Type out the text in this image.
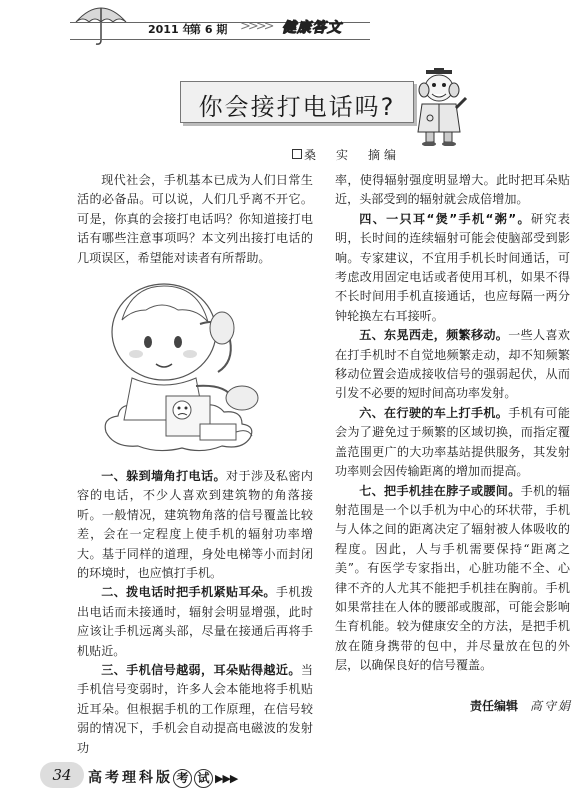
2011 年
第 6 期 >>>> 健康答文
你会接打电话吗?
桑　实　摘编

现代社会，手机基本已成为人们日常生活的必备品。可以说，人们几乎离不开它。可是，你真的会接打电话吗？你知道接打电话有哪些注意事项吗？本文列出接打电话的几项误区，希望能对读者有所帮助。

一、躲到墙角打电话。对于涉及私密内容的电话，不少人喜欢到建筑物的角落接听。一般情况，建筑物角落的信号覆盖比较差，会在一定程度上使手机的辐射功率增大。基于同样的道理，身处电梯等小而封闭的环境时，也应慎打手机。

二、拨电话时把手机紧贴耳朵。手机拨出电话而未接通时，辐射会明显增强，此时应该让手机远离头部，尽量在接通后再将手机贴近。

三、手机信号越弱，耳朵贴得越近。当手机信号变弱时，许多人会本能地将手机贴近耳朵。但根据手机的工作原理，在信号较弱的情况下，手机会自动提高电磁波的发射功

率，使得辐射强度明显增大。此时把耳朵贴近，头部受到的辐射就会成倍增加。

四、一只耳“煲”手机“粥”。研究表明，长时间的连续辐射可能会使脑部受到影响。专家建议，不宜用手机长时间通话，可考虑改用固定电话或者使用耳机，如果不得不长时间用手机直接通话，也应每隔一两分钟轮换左右耳接听。

五、东晃西走，频繁移动。一些人喜欢在打手机时不自觉地频繁走动，却不知频繁移动位置会造成接收信号的强弱起伏，从而引发不必要的短时间高功率发射。

六、在行驶的车上打手机。手机有可能会为了避免过于频繁的区域切换，而指定覆盖范围更广的大功率基站提供服务，其发射功率则会因传输距离的增加而提高。

七、把手机挂在脖子或腰间。手机的辐射范围是一个以手机为中心的环状带，手机与人体之间的距离决定了辐射被人体吸收的程度。因此，人与手机需要保持“距离之美”。有医学专家指出，心脏功能不全、心律不齐的人尤其不能把手机挂在胸前。手机如果常挂在人体的腰部或腹部，可能会影响生育机能。较为健康安全的方法，是把手机放在随身携带的包中，并尽量放在包的外层，以确保良好的信号覆盖。

责任编辑 高守娟
34	高考理科版 考 试 ▶▶▶
